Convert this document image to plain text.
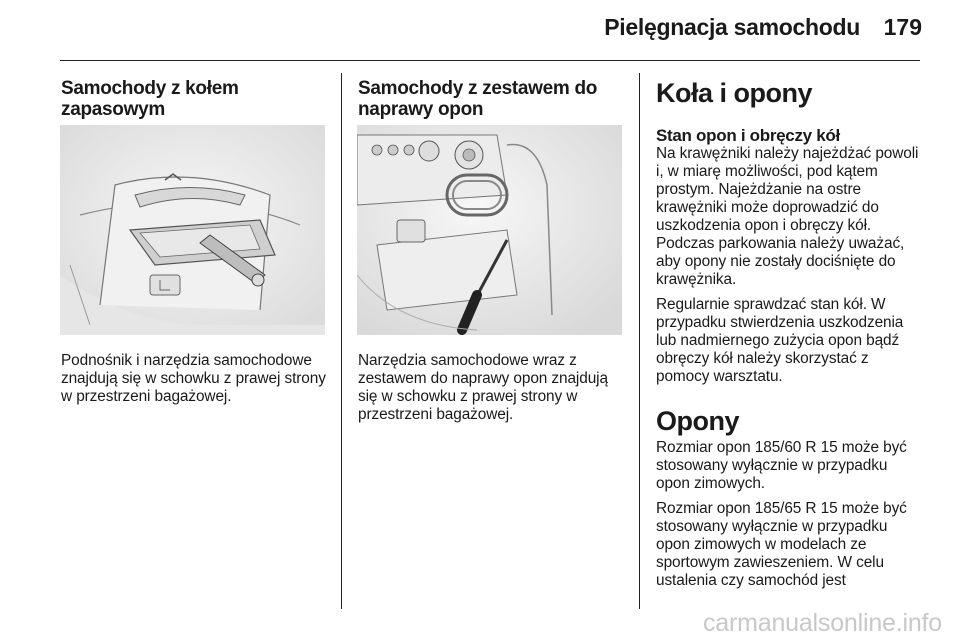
Pielęgnacja samochodu 179
Samochody z kołem zapasowym

Podnośnik i narzędzia samochodowe znajdują się w schowku z prawej strony w przestrzeni bagażowej.

Samochody z zestawem do naprawy opon

Narzędzia samochodowe wraz z zestawem do naprawy opon znajdują się w schowku z prawej strony w przestrzeni bagażowej.

Koła i opony
Stan opon i obręczy kół

Na krawężniki należy najeżdżać powoli i, w miarę możliwości, pod kątem prostym. Najeżdżanie na ostre krawężniki może doprowadzić do uszkodzenia opon i obręczy kół. Podczas parkowania należy uważać, aby opony nie zostały dociśnięte do krawężnika.

Regularnie sprawdzać stan kół. W przypadku stwierdzenia uszkodzenia lub nadmiernego zużycia opon bądź obręczy kół należy skorzystać z pomocy warsztatu.

Opony

Rozmiar opon 185/60 R 15 może być stosowany wyłącznie w przypadku opon zimowych.

Rozmiar opon 185/65 R 15 może być stosowany wyłącznie w przypadku opon zimowych w modelach ze sportowym zawieszeniem. W celu ustalenia czy samochód jest

carmanualsonline.info
